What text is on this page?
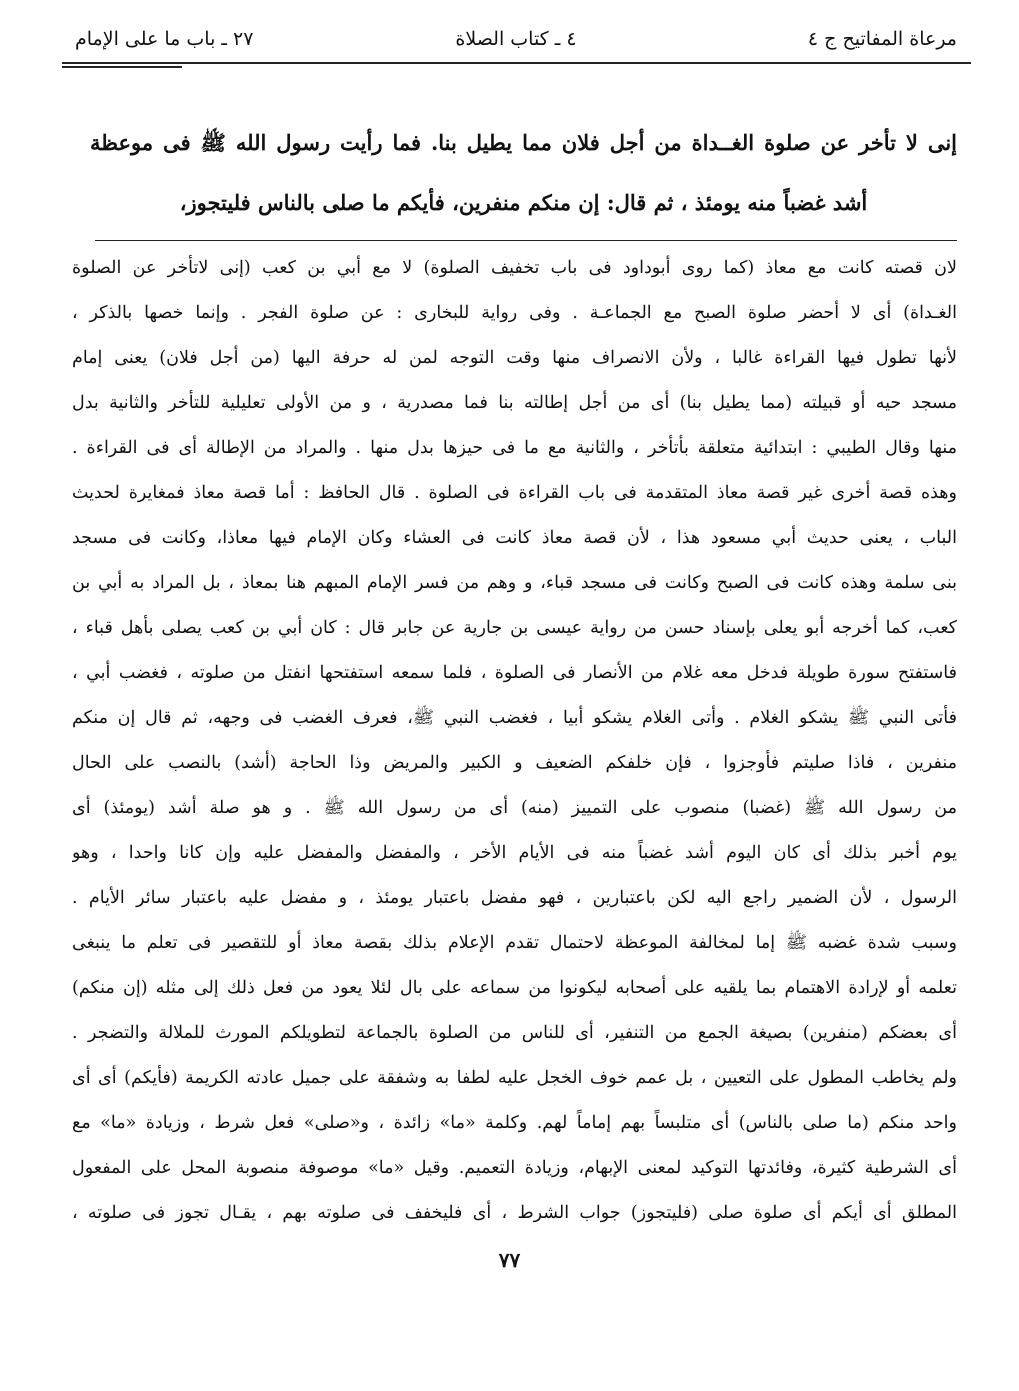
مرعاة المفاتيح ج ٤
٤ ـ كتاب الصلاة
٢٧ ـ باب ما على الإمام
إنى لا تأخر عن صلوة الغــداة من أجل فلان مما يطيل بنا. فما رأيت رسول الله ﷺ فى موعظة
أشد غضباً منه يومئذ ، ثم قال: إن منكم منفرين، فأيكم ما صلى بالناس فليتجوز،
لان قصته كانت مع معاذ (كما روى أبوداود فى باب تخفيف الصلوة) لا مع أبي بن كعب (إنى لاتأخر عن الصلوة
الغـداة) أى لا أحضر صلوة الصبح مع الجماعـة . وفى رواية للبخارى : عن صلوة الفجر . وإنما خصها بالذكر ،
لأنها تطول فيها القراءة غالبا ، ولأن الانصراف منها وقت التوجه لمن له حرفة اليها (من أجل فلان) يعنى إمام
مسجد حيه أو قبيلته (مما يطيل بنا) أى من أجل إطالته بنا فما مصدرية ، و من الأولى تعليلية للتأخر والثانية بدل
منها وقال الطيبي : ابتدائية متعلقة بأتأخر ، والثانية مع ما فى حيزها بدل منها . والمراد من الإطالة أى فى القراءة .
وهذه قصة أخرى غير قصة معاذ المتقدمة فى باب القراءة فى الصلوة . قال الحافظ : أما قصة معاذ فمغايرة لحديث
الباب ، يعنى حديث أبي مسعود هذا ، لأن قصة معاذ كانت فى العشاء وكان الإمام فيها معاذا، وكانت فى مسجد
بنى سلمة وهذه كانت فى الصبح وكانت فى مسجد قباء، و وهم من فسر الإمام المبهم هنا بمعاذ ، بل المراد به أبي بن
كعب، كما أخرجه أبو يعلى بإسناد حسن من رواية عيسى بن جارية عن جابر قال : كان أبي بن كعب يصلى بأهل قباء ،
فاستفتح سورة طويلة فدخل معه غلام من الأنصار فى الصلوة ، فلما سمعه استفتحها انفتل من صلوته ، فغضب أبي ،
فأتى النبي ﷺ يشكو الغلام . وأتى الغلام يشكو أبيا ، فغضب النبي ﷺ، فعرف الغضب فى وجهه، ثم قال إن منكم
منفرين ، فاذا صليتم فأوجزوا ، فإن خلفكم الضعيف و الكبير والمريض وذا الحاجة (أشد) بالنصب على الحال
من رسول الله ﷺ (غضبا) منصوب على التمييز (منه) أى من رسول الله ﷺ . و هو صلة أشد (يومئذ) أى
يوم أخبر بذلك أى كان اليوم أشد غضباً منه فى الأيام الأخر ، والمفضل والمفضل عليه وإن كانا واحدا ، وهو
الرسول ، لأن الضمير راجع اليه لكن باعتبارين ، فهو مفضل باعتبار يومئذ ، و مفضل عليه باعتبار سائر الأيام .
وسبب شدة غضبه ﷺ إما لمخالفة الموعظة لاحتمال تقدم الإعلام بذلك بقصة معاذ أو للتقصير فى تعلم ما ينبغى
تعلمه أو لإرادة الاهتمام بما يلقيه على أصحابه ليكونوا من سماعه على بال لئلا يعود من فعل ذلك إلى مثله (إن منكم)
أى بعضكم (منفرين) بصيغة الجمع من التنفير، أى للناس من الصلوة بالجماعة لتطويلكم المورث للملالة والتضجر .
ولم يخاطب المطول على التعيين ، بل عمم خوف الخجل عليه لطفا به وشفقة على جميل عادته الكريمة (فأيكم) أى أى
واحد منكم (ما صلى بالناس) أى متلبساً بهم إماماً لهم. وكلمة «ما» زائدة ، و«صلى» فعل شرط ، وزيادة «ما» مع
أى الشرطية كثيرة، وفائدتها التوكيد لمعنى الإبهام، وزيادة التعميم. وقيل «ما» موصوفة منصوبة المحل على المفعول
المطلق أى أيكم أى صلوة صلى (فليتجوز) جواب الشرط ، أى فليخفف فى صلوته بهم ، يقـال تجوز فى صلوته ،
٧٧
